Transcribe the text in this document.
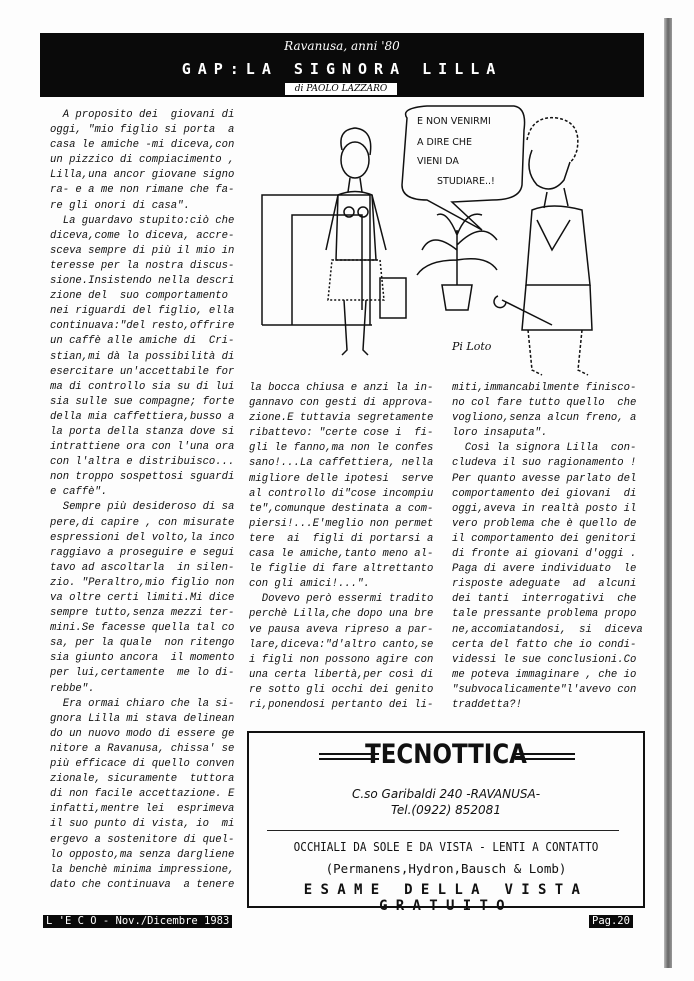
Ravanusa, anni '80
GAP:LA SIGNORA LILLA
di PAOLO LAZZARO
A proposito dei  giovani di
oggi, "mio figlio si porta  a
casa le amiche -mi diceva,con
un pizzico di compiacimento ,
Lilla,una ancor giovane signo
ra- e a me non rimane che fa-
re gli onori di casa".
La guardavo stupito:ciò che
diceva,come lo diceva, accre-
sceva sempre di più il mio in
teresse per la nostra discus-
sione.Insistendo nella descri
zione del  suo comportamento
nei riguardi del figlio, ella
continuava:"del resto,offrire
un caffè alle amiche di  Cri-
stian,mi dà la possibilità di
esercitare un'accettabile for
ma di controllo sia su di lui
sia sulle sue compagne; forte
della mia caffettiera,busso a
la porta della stanza dove si
intrattiene ora con l'una ora
con l'altra e distribuisco...
non troppo sospettosi sguardi
e caffè".
Sempre più desideroso di sa
pere,di capire , con misurate
espressioni del volto,la inco
raggiavo a proseguire e segui
tavo ad ascoltarla  in silen-
zio. "Peraltro,mio figlio non
va oltre certi limiti.Mi dice
sempre tutto,senza mezzi ter-
mini.Se facesse quella tal co
sa, per la quale  non ritengo
sia giunto ancora  il momento
per lui,certamente  me lo di-
rebbe".
Era ormai chiaro che la si-
gnora Lilla mi stava delinean
do un nuovo modo di essere ge
nitore a Ravanusa, chissa' se
più efficace di quello conven
zionale, sicuramente  tuttora
di non facile accettazione. E
infatti,mentre lei  esprimeva
il suo punto di vista, io  mi
ergevo a sostenitore di quel-
lo opposto,ma senza dargliene
la benchè minima impressione,
dato che continuava  a tenere
la bocca chiusa e anzi la in-
gannavo con gesti di approva-
zione.E tuttavia segretamente
ribattevo: "certe cose i  fi-
gli le fanno,ma non le confes
sano!...La caffettiera, nella
migliore delle ipotesi  serve
al controllo di"cose incompiu
te",comunque destinata a com-
piersi!...E'meglio non permet
tere  ai  figli di portarsi a
casa le amiche,tanto meno al-
le figlie di fare altrettanto
con gli amici!...".
Dovevo però essermi tradito
perchè Lilla,che dopo una bre
ve pausa aveva ripreso a par-
lare,diceva:"d'altro canto,se
i figli non possono agire con
una certa libertà,per così di
re sotto gli occhi dei genito
ri,ponendosi pertanto dei li-
miti,immancabilmente finisco-
no col fare tutto quello  che
vogliono,senza alcun freno, a
loro insaputa".
Così la signora Lilla  con-
cludeva il suo ragionamento !
Per quanto avesse parlato del
comportamento dei giovani  di
oggi,aveva in realtà posto il
vero problema che è quello de
il comportamento dei genitori
di fronte ai giovani d'oggi .
Paga di avere individuato  le
risposte adeguate  ad  alcuni
dei tanti  interrogativi  che
tale pressante problema propo
ne,accomiatandosi,  si  diceva
certa del fatto che io condi-
videssi le sue conclusioni.Co
me poteva immaginare , che io
"subvocalicamente"l'avevo con
traddetta?!
E NON VENIRMI
A DIRE CHE
VIENI DA
STUDIARE..!
Pi Loto
TECNOTTICA
C.so Garibaldi 240 -RAVANUSA-
Tel.(0922) 852081
OCCHIALI DA SOLE E DA VISTA - LENTI A CONTATTO
(Permanens,Hydron,Bausch & Lomb)
ESAME DELLA VISTA GRATUITO
L 'E C O - Nov./Dicembre 1983	Pag.20
